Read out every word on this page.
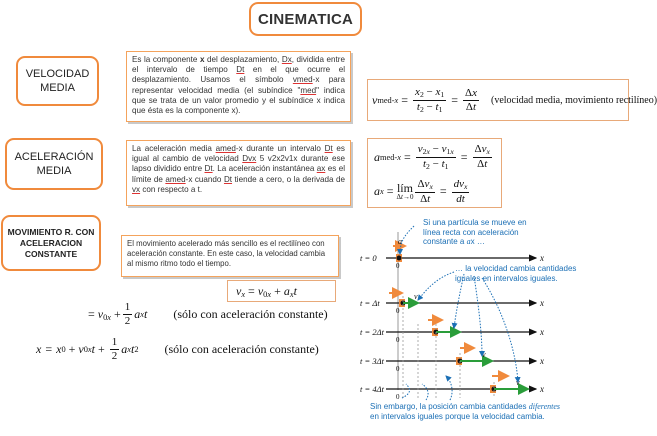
CINEMATICA
VELOCIDAD MEDIA
Es la componente x del desplazamiento, Dx, dividida entre el intervalo de tiempo Dt en el que ocurre el desplazamiento. Usamos el símbolo vmed-x para representar velocidad media (el subíndice "med" indica que se trata de un valor promedio y el subíndice x indica que ésta es la componente x).
v $med-x = \frac{x_2 - x_1}{t_2 - t_1} = \frac{\Delta x}{\Delta t}$ (velocidad media, movimiento rectilíneo)
ACELERACIÓN MEDIA
La aceleración media amed-x durante un intervalo Dt es igual al cambio de velocidad Dvx 5 v2x2v1x durante ese lapso dividido entre Dt. La aceleración instantánea ax es el límite de amed-x cuando Dt tiende a cero, o la derivada de vx con respecto a t.
a $med-x = \frac{v_{2x} - v_{1x}}{t_2 - t_1} = \frac{\Delta v_x}{\Delta t}$
a x = lím
$\Delta t\to 0 \frac{\Delta v_x}{\Delta t} = \frac{dv_x}{dt}$
MOVIMIENTO R. CON ACELERACION CONSTANTE
El movimiento acelerado más sencillo es el rectilíneo con aceleración constante. En este caso, la velocidad cambia al mismo ritmo todo el tiempo.
$v_x = v_{0x} + a_xt$
= $v_{0x} + \frac{1}{2}$ a x t (sólo con aceleración constante)
x = x 0 + v 0x $t + \frac{1}{2}$ a x t 2 (sólo con aceleración constante)
a
v
v
v
v
x
x
x
x
x
0
0
0
0
0
t = 0
t = Δt
t = 2Δt
t = 3Δt
t = 4Δt
Si una partícula se mueve en línea recta con aceleración constante a ax …
… la velocidad cambia cantidades iguales en intervalos iguales.
Sin embargo, la posición cambia cantidades diferentes en intervalos iguales porque la velocidad cambia.
